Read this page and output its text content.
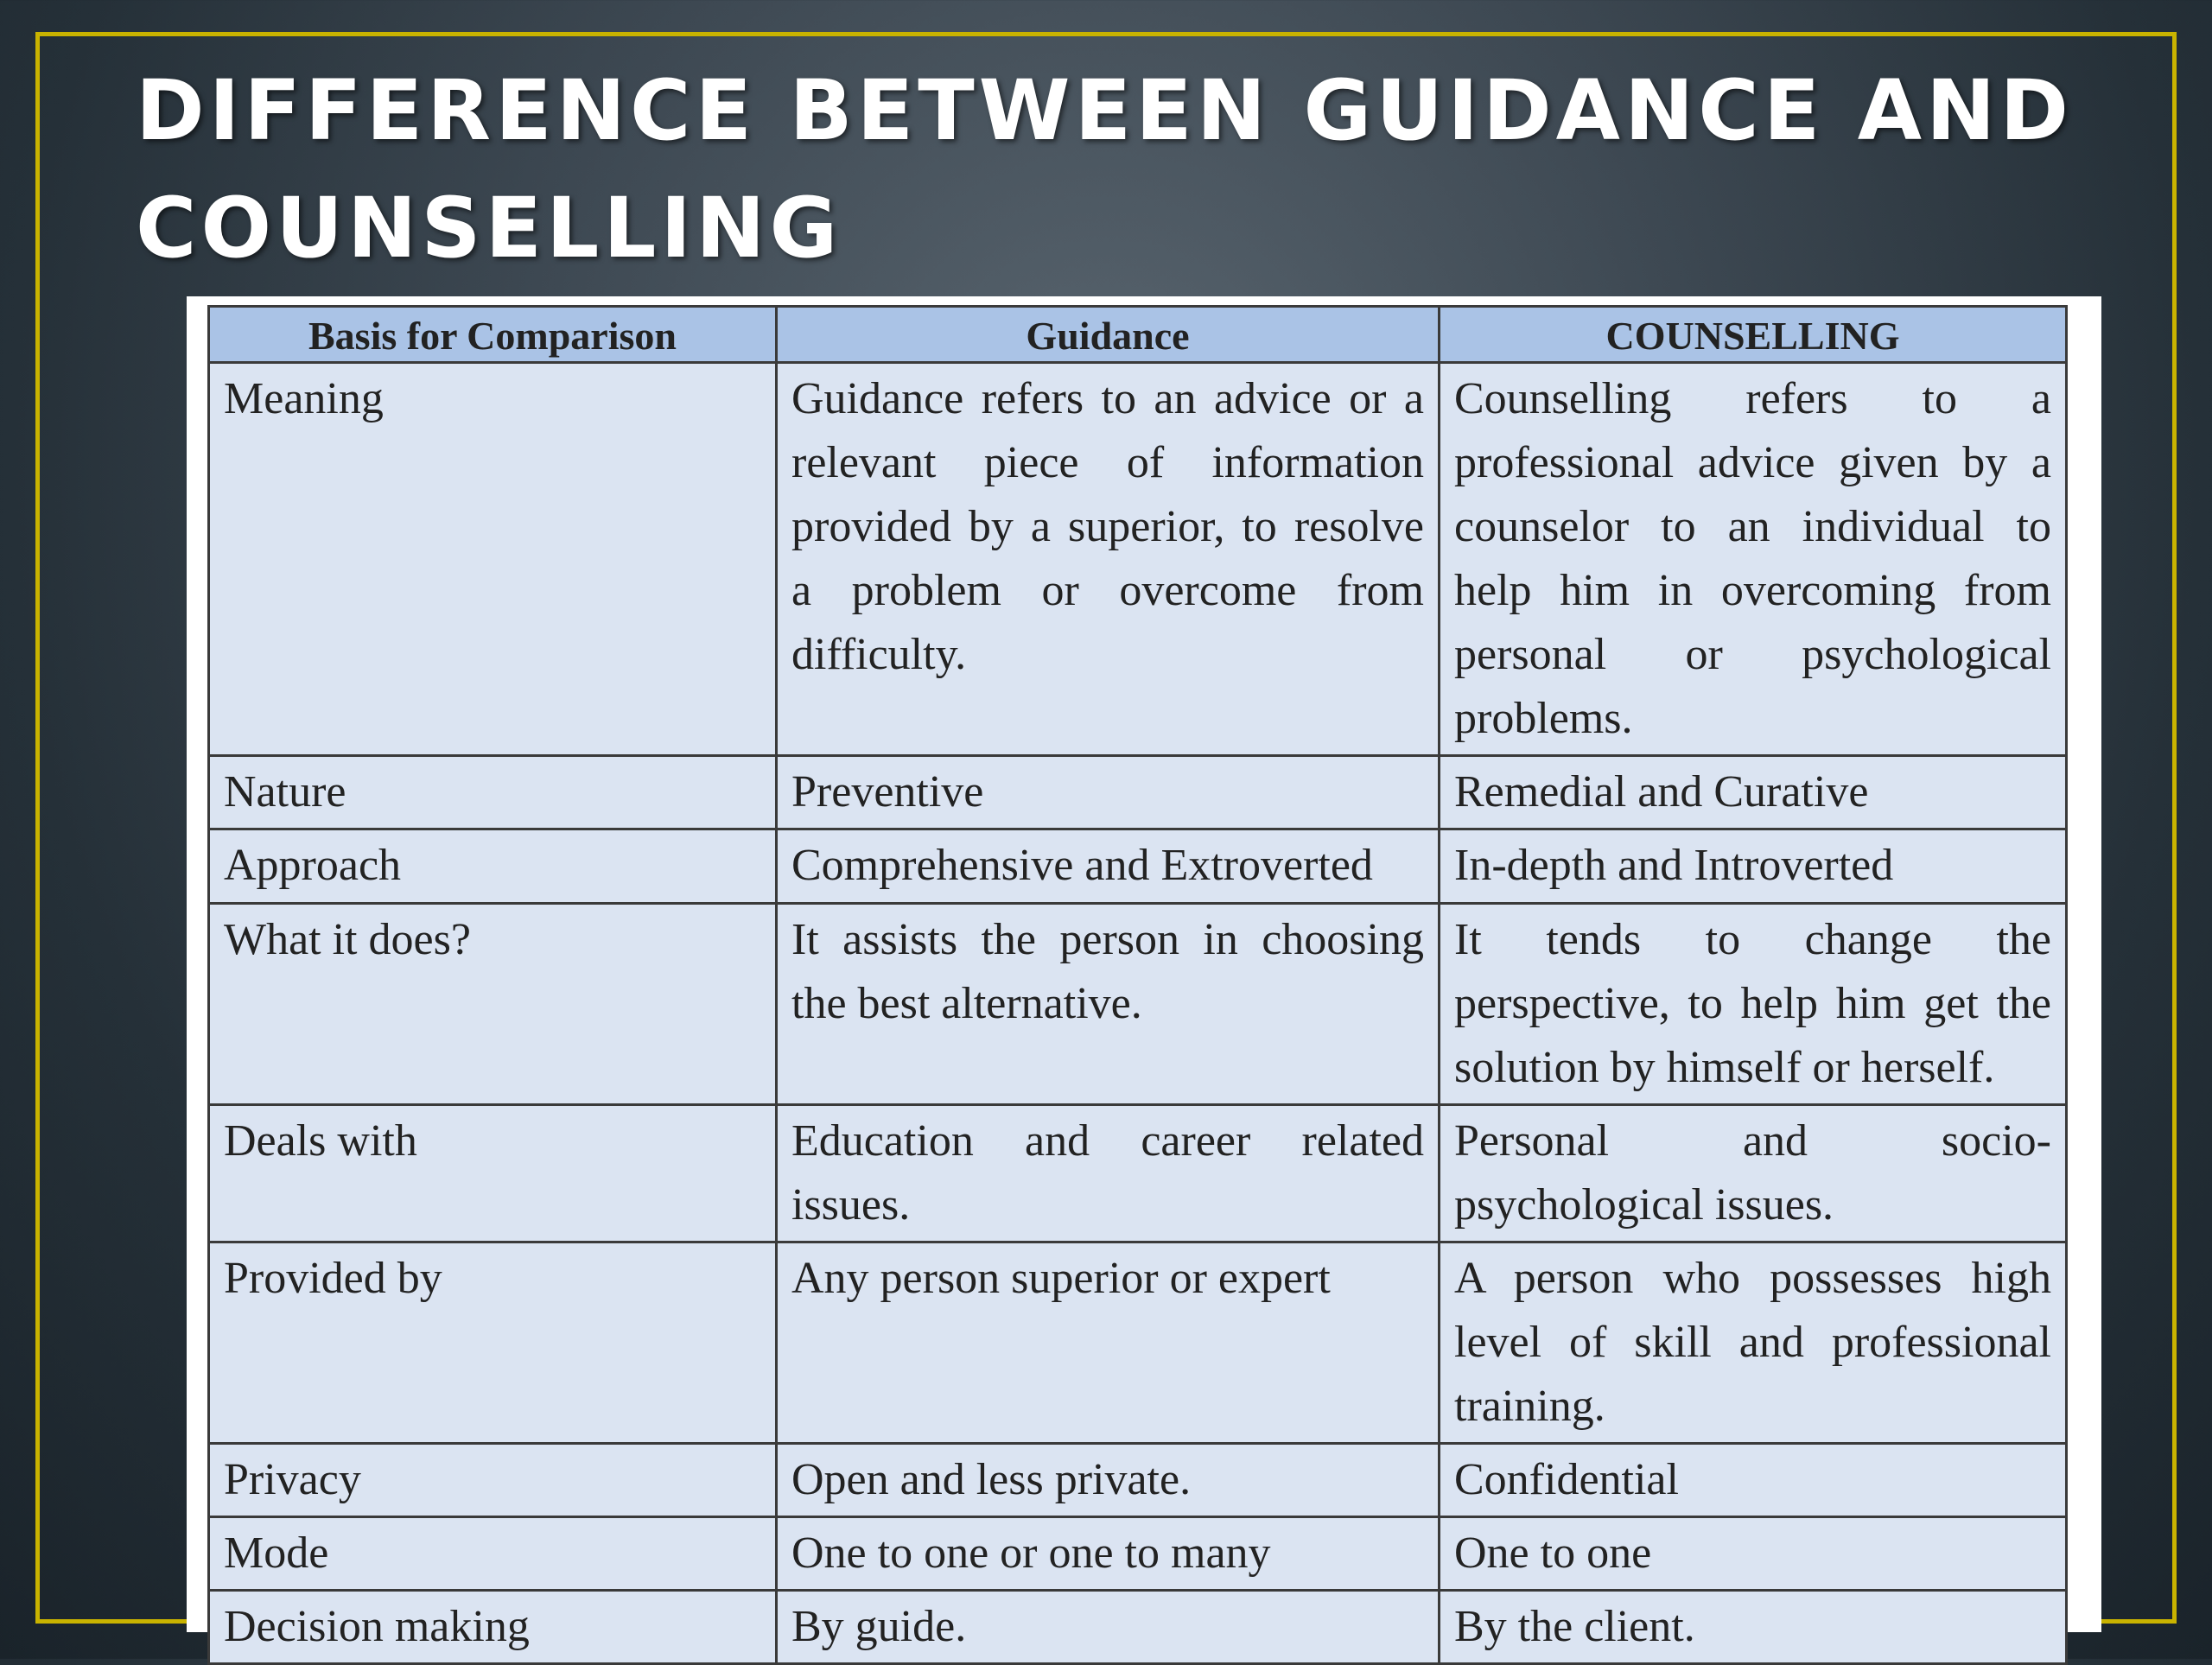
DIFFERENCE BETWEEN GUIDANCE AND COUNSELLING
Basis for Comparison	Guidance	COUNSELLING
Meaning	Guidance refers to an advice or a relevant piece of information provided by a superior, to resolve a problem or overcome from difficulty.	Counselling refers to a professional advice given by a counselor to an individual to help him in overcoming from personal or psychological problems.
Nature	Preventive	Remedial and Curative
Approach	Comprehensive and Extroverted	In-depth and Introverted
What it does?	It assists the person in choosing the best alternative.	It tends to change the perspective, to help him get the solution by himself or herself.
Deals with	Education and career related issues.	Personal and socio-psychological issues.
Provided by	Any person superior or expert	A person who possesses high level of skill and professional training.
Privacy	Open and less private.	Confidential
Mode	One to one or one to many	One to one
Decision making	By guide.	By the client.
